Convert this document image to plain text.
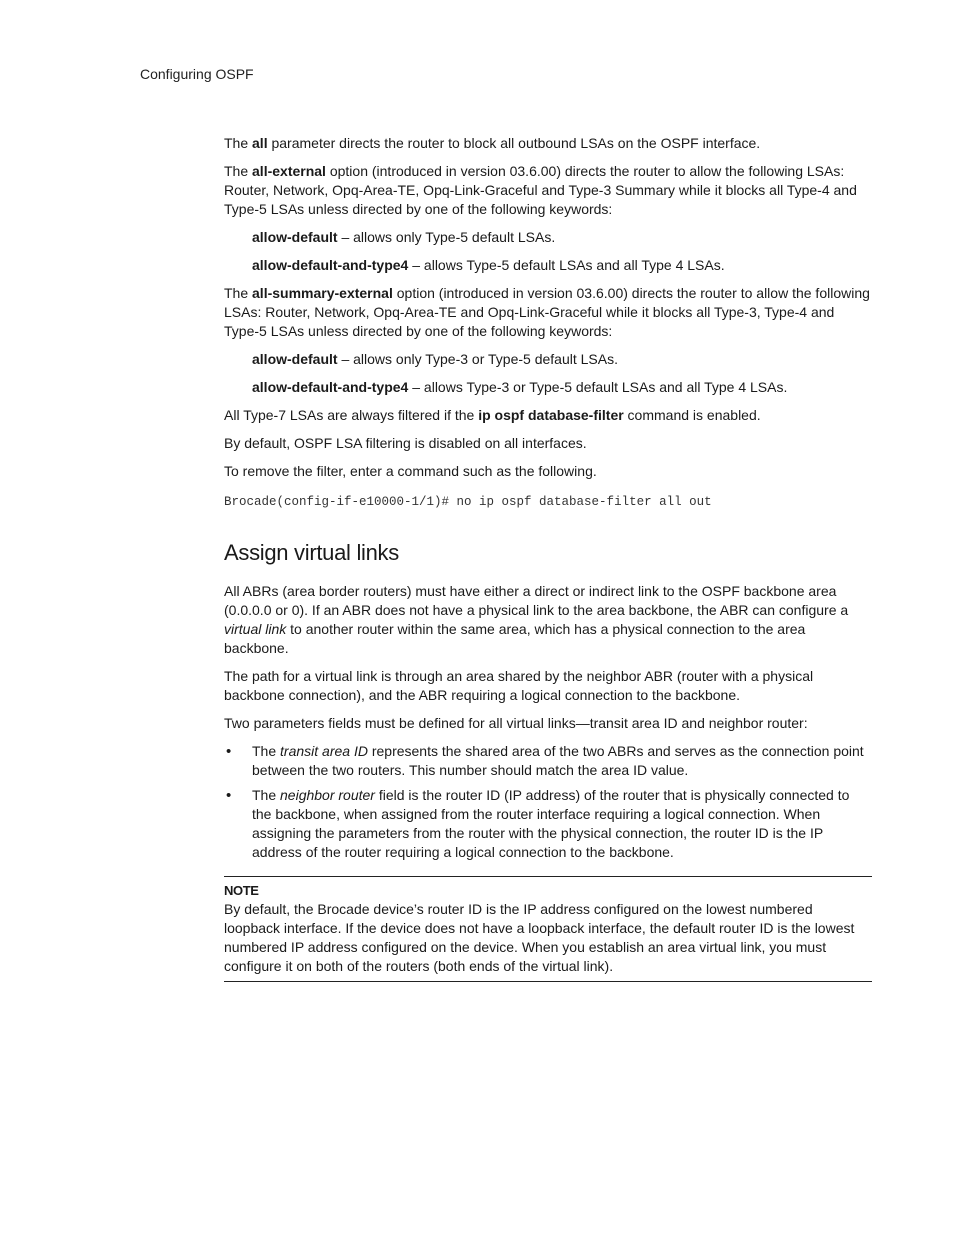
Configuring OSPF

The all parameter directs the router to block all outbound LSAs on the OSPF interface.

The all-external option (introduced in version 03.6.00) directs the router to allow the following LSAs: Router, Network, Opq-Area-TE, Opq-Link-Graceful and Type-3 Summary while it blocks all Type-4 and Type-5 LSAs unless directed by one of the following keywords:

allow-default – allows only Type-5 default LSAs.

allow-default-and-type4 – allows Type-5 default LSAs and all Type 4 LSAs.

The all-summary-external option (introduced in version 03.6.00) directs the router to allow the following LSAs: Router, Network, Opq-Area-TE and Opq-Link-Graceful while it blocks all Type-3, Type-4 and Type-5 LSAs unless directed by one of the following keywords:

allow-default – allows only Type-3 or Type-5 default LSAs.

allow-default-and-type4 – allows Type-3 or Type-5 default LSAs and all Type 4 LSAs.

All Type-7 LSAs are always filtered if the ip ospf database-filter command is enabled.

By default, OSPF LSA filtering is disabled on all interfaces.

To remove the filter, enter a command such as the following.

Brocade(config-if-e10000-1/1)# no ip ospf database-filter all out
Assign virtual links

All ABRs (area border routers) must have either a direct or indirect link to the OSPF backbone area (0.0.0.0 or 0). If an ABR does not have a physical link to the area backbone, the ABR can configure a virtual link to another router within the same area, which has a physical connection to the area backbone.

The path for a virtual link is through an area shared by the neighbor ABR (router with a physical backbone connection), and the ABR requiring a logical connection to the backbone.

Two parameters fields must be defined for all virtual links—transit area ID and neighbor router:

• The transit area ID represents the shared area of the two ABRs and serves as the connection point between the two routers. This number should match the area ID value.
• The neighbor router field is the router ID (IP address) of the router that is physically connected to the backbone, when assigned from the router interface requiring a logical connection. When assigning the parameters from the router with the physical connection, the router ID is the IP address of the router requiring a logical connection to the backbone.
NOTE

By default, the Brocade device’s router ID is the IP address configured on the lowest numbered loopback interface. If the device does not have a loopback interface, the default router ID is the lowest numbered IP address configured on the device. When you establish an area virtual link, you must configure it on both of the routers (both ends of the virtual link).
